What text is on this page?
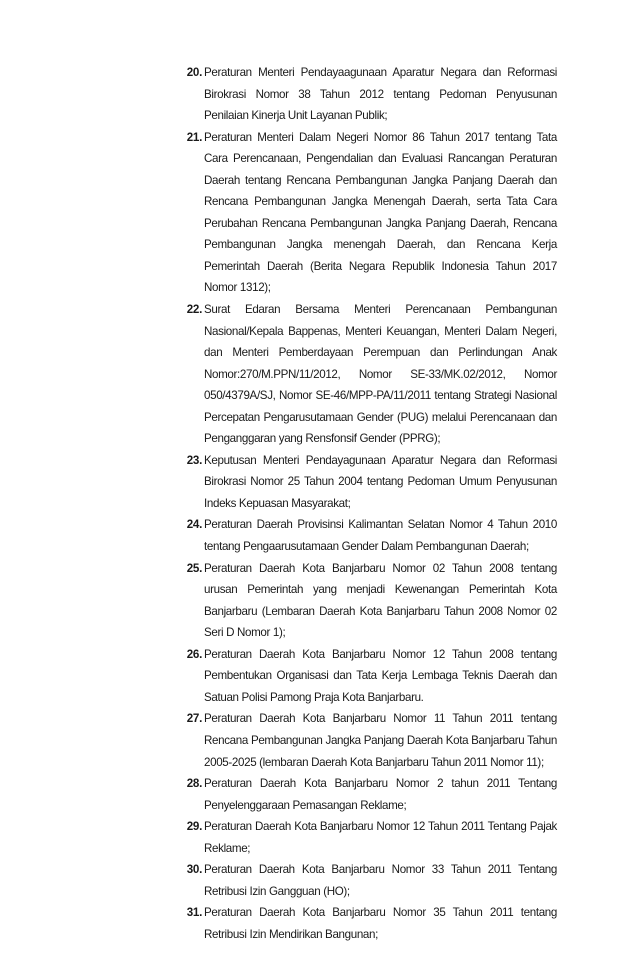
20. Peraturan Menteri Pendayaagunaan Aparatur Negara dan Reformasi Birokrasi Nomor 38 Tahun 2012 tentang Pedoman Penyusunan Penilaian Kinerja Unit Layanan Publik;
21. Peraturan Menteri Dalam Negeri Nomor 86 Tahun 2017 tentang Tata Cara Perencanaan, Pengendalian dan Evaluasi Rancangan Peraturan Daerah tentang Rencana Pembangunan Jangka Panjang Daerah dan Rencana Pembangunan Jangka Menengah Daerah, serta Tata Cara Perubahan Rencana Pembangunan Jangka Panjang Daerah, Rencana Pembangunan Jangka menengah Daerah, dan Rencana Kerja Pemerintah Daerah (Berita Negara Republik Indonesia Tahun 2017 Nomor 1312);
22. Surat Edaran Bersama Menteri Perencanaan Pembangunan Nasional/Kepala Bappenas, Menteri Keuangan, Menteri Dalam Negeri, dan Menteri Pemberdayaan Perempuan dan Perlindungan Anak Nomor:270/M.PPN/11/2012, Nomor SE-33/MK.02/2012, Nomor 050/4379A/SJ, Nomor SE-46/MPP-PA/11/2011 tentang Strategi Nasional Percepatan Pengarusutamaan Gender (PUG) melalui Perencanaan dan Penganggaran yang Rensfonsif Gender (PPRG);
23. Keputusan Menteri Pendayagunaan Aparatur Negara dan Reformasi Birokrasi Nomor 25 Tahun 2004 tentang Pedoman Umum Penyusunan Indeks Kepuasan Masyarakat;
24. Peraturan Daerah Provisinsi Kalimantan Selatan Nomor 4 Tahun 2010 tentang Pengaarusutamaan Gender Dalam Pembangunan Daerah;
25. Peraturan Daerah Kota Banjarbaru Nomor 02 Tahun 2008 tentang urusan Pemerintah yang menjadi Kewenangan Pemerintah Kota Banjarbaru (Lembaran Daerah Kota Banjarbaru Tahun 2008 Nomor 02 Seri D Nomor 1);
26. Peraturan Daerah Kota Banjarbaru Nomor 12 Tahun 2008 tentang Pembentukan Organisasi dan Tata Kerja Lembaga Teknis Daerah dan Satuan Polisi Pamong Praja Kota Banjarbaru.
27. Peraturan Daerah Kota Banjarbaru Nomor 11 Tahun 2011 tentang Rencana Pembangunan Jangka Panjang Daerah Kota Banjarbaru Tahun 2005-2025 (lembaran Daerah Kota Banjarbaru Tahun 2011 Nomor 11);
28. Peraturan Daerah Kota Banjarbaru Nomor 2 tahun 2011 Tentang Penyelenggaraan Pemasangan Reklame;
29. Peraturan Daerah Kota Banjarbaru Nomor 12 Tahun 2011 Tentang Pajak Reklame;
30. Peraturan Daerah Kota Banjarbaru Nomor 33 Tahun 2011 Tentang Retribusi Izin Gangguan (HO);
31. Peraturan Daerah Kota Banjarbaru Nomor 35 Tahun 2011 tentang Retribusi Izin Mendirikan Bangunan;
